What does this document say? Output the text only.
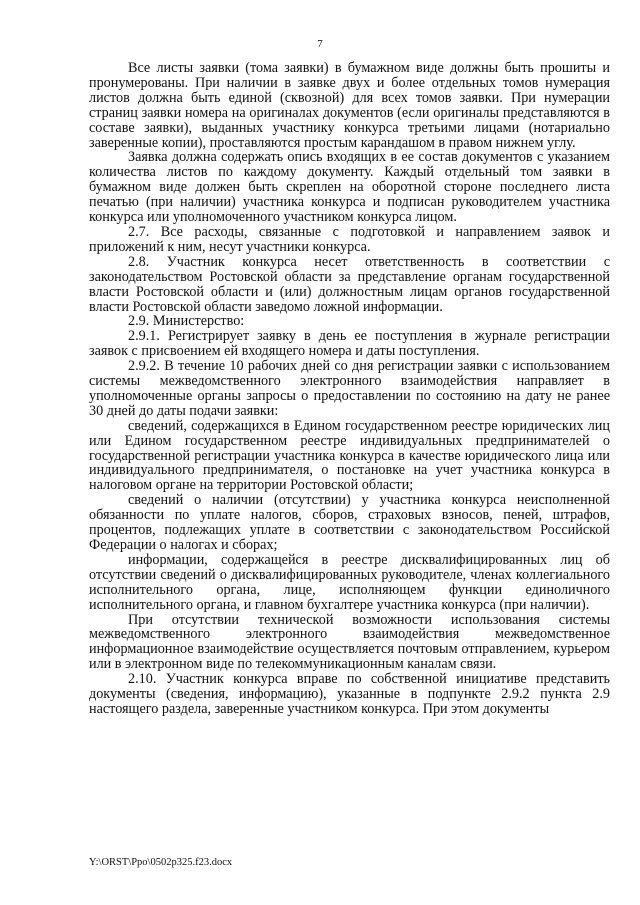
7

Все листы заявки (тома заявки) в бумажном виде должны быть прошиты и пронумерованы. При наличии в заявке двух и более отдельных томов нумерация листов должна быть единой (сквозной) для всех томов заявки. При нумерации страниц заявки номера на оригиналах документов (если оригиналы представляются в составе заявки), выданных участнику конкурса третьими лицами (нотариально заверенные копии), проставляются простым карандашом в правом нижнем углу.

Заявка должна содержать опись входящих в ее состав документов с указанием количества листов по каждому документу. Каждый отдельный том заявки в бумажном виде должен быть скреплен на оборотной стороне последнего листа печатью (при наличии) участника конкурса и подписан руководителем участника конкурса или уполномоченного участником конкурса лицом.

2.7. Все расходы, связанные с подготовкой и направлением заявок и приложений к ним, несут участники конкурса.

2.8. Участник конкурса несет ответственность в соответствии с законодательством Ростовской области за представление органам государственной власти Ростовской области и (или) должностным лицам органов государственной власти Ростовской области заведомо ложной информации.

2.9. Министерство:

2.9.1. Регистрирует заявку в день ее поступления в журнале регистрации заявок с присвоением ей входящего номера и даты поступления.

2.9.2. В течение 10 рабочих дней со дня регистрации заявки с использованием системы межведомственного электронного взаимодействия направляет в уполномоченные органы запросы о предоставлении по состоянию на дату не ранее 30 дней до даты подачи заявки:

сведений, содержащихся в Едином государственном реестре юридических лиц или Едином государственном реестре индивидуальных предпринимателей о государственной регистрации участника конкурса в качестве юридического лица или индивидуального предпринимателя, о постановке на учет участника конкурса в налоговом органе на территории Ростовской области;

сведений о наличии (отсутствии) у участника конкурса неисполненной обязанности по уплате налогов, сборов, страховых взносов, пеней, штрафов, процентов, подлежащих уплате в соответствии с законодательством Российской Федерации о налогах и сборах;

информации, содержащейся в реестре дисквалифицированных лиц об отсутствии сведений о дисквалифицированных руководителе, членах коллегиального исполнительного органа, лице, исполняющем функции единоличного исполнительного органа, и главном бухгалтере участника конкурса (при наличии).

При отсутствии технической возможности использования системы межведомственного электронного взаимодействия межведомственное информационное взаимодействие осуществляется почтовым отправлением, курьером или в электронном виде по телекоммуникационным каналам связи.

2.10. Участник конкурса вправе по собственной инициативе представить документы (сведения, информацию), указанные в подпункте 2.9.2 пункта 2.9 настоящего раздела, заверенные участником конкурса. При этом документы

Y:\ORST\Ppo\0502p325.f23.docx
